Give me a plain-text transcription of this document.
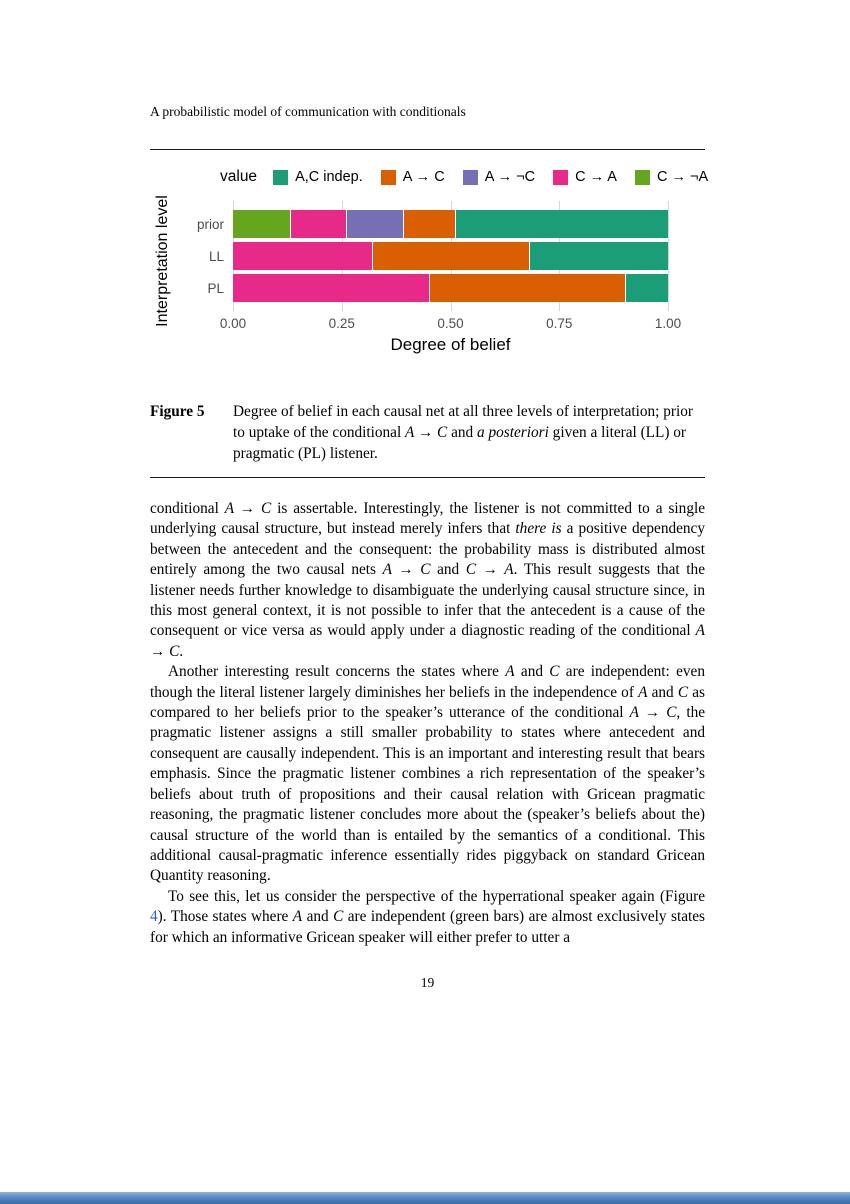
A probabilistic model of communication with conditionals
value	A,C indep.	A → C	A → ¬C	C → A	C → ¬A
Interpretation level prior
LL
PL
0.00	0.25	0.50	0.75	1.00
Degree of belief
Figure 5	Degree of belief in each causal net at all three levels of interpretation; prior to uptake of the conditional A → C and a posteriori given a literal (LL) or pragmatic (PL) listener.

conditional A → C is assertable. Interestingly, the listener is not committed to a single underlying causal structure, but instead merely infers that there is a positive dependency between the antecedent and the consequent: the probability mass is distributed almost entirely among the two causal nets A → C and C → A. This result suggests that the listener needs further knowledge to disambiguate the underlying causal structure since, in this most general context, it is not possible to infer that the antecedent is a cause of the consequent or vice versa as would apply under a diagnostic reading of the conditional A → C.

Another interesting result concerns the states where A and C are independent: even though the literal listener largely diminishes her beliefs in the independence of A and C as compared to her beliefs prior to the speaker’s utterance of the conditional A → C, the pragmatic listener assigns a still smaller probability to states where antecedent and consequent are causally independent. This is an important and interesting result that bears emphasis. Since the pragmatic listener combines a rich representation of the speaker’s beliefs about truth of propositions and their causal relation with Gricean pragmatic reasoning, the pragmatic listener concludes more about the (speaker’s beliefs about the) causal structure of the world than is entailed by the semantics of a conditional. This additional causal-pragmatic inference essentially rides piggyback on standard Gricean Quantity reasoning.

To see this, let us consider the perspective of the hyperrational speaker again (Figure 4). Those states where A and C are independent (green bars) are almost exclusively states for which an informative Gricean speaker will either prefer to utter a

19
